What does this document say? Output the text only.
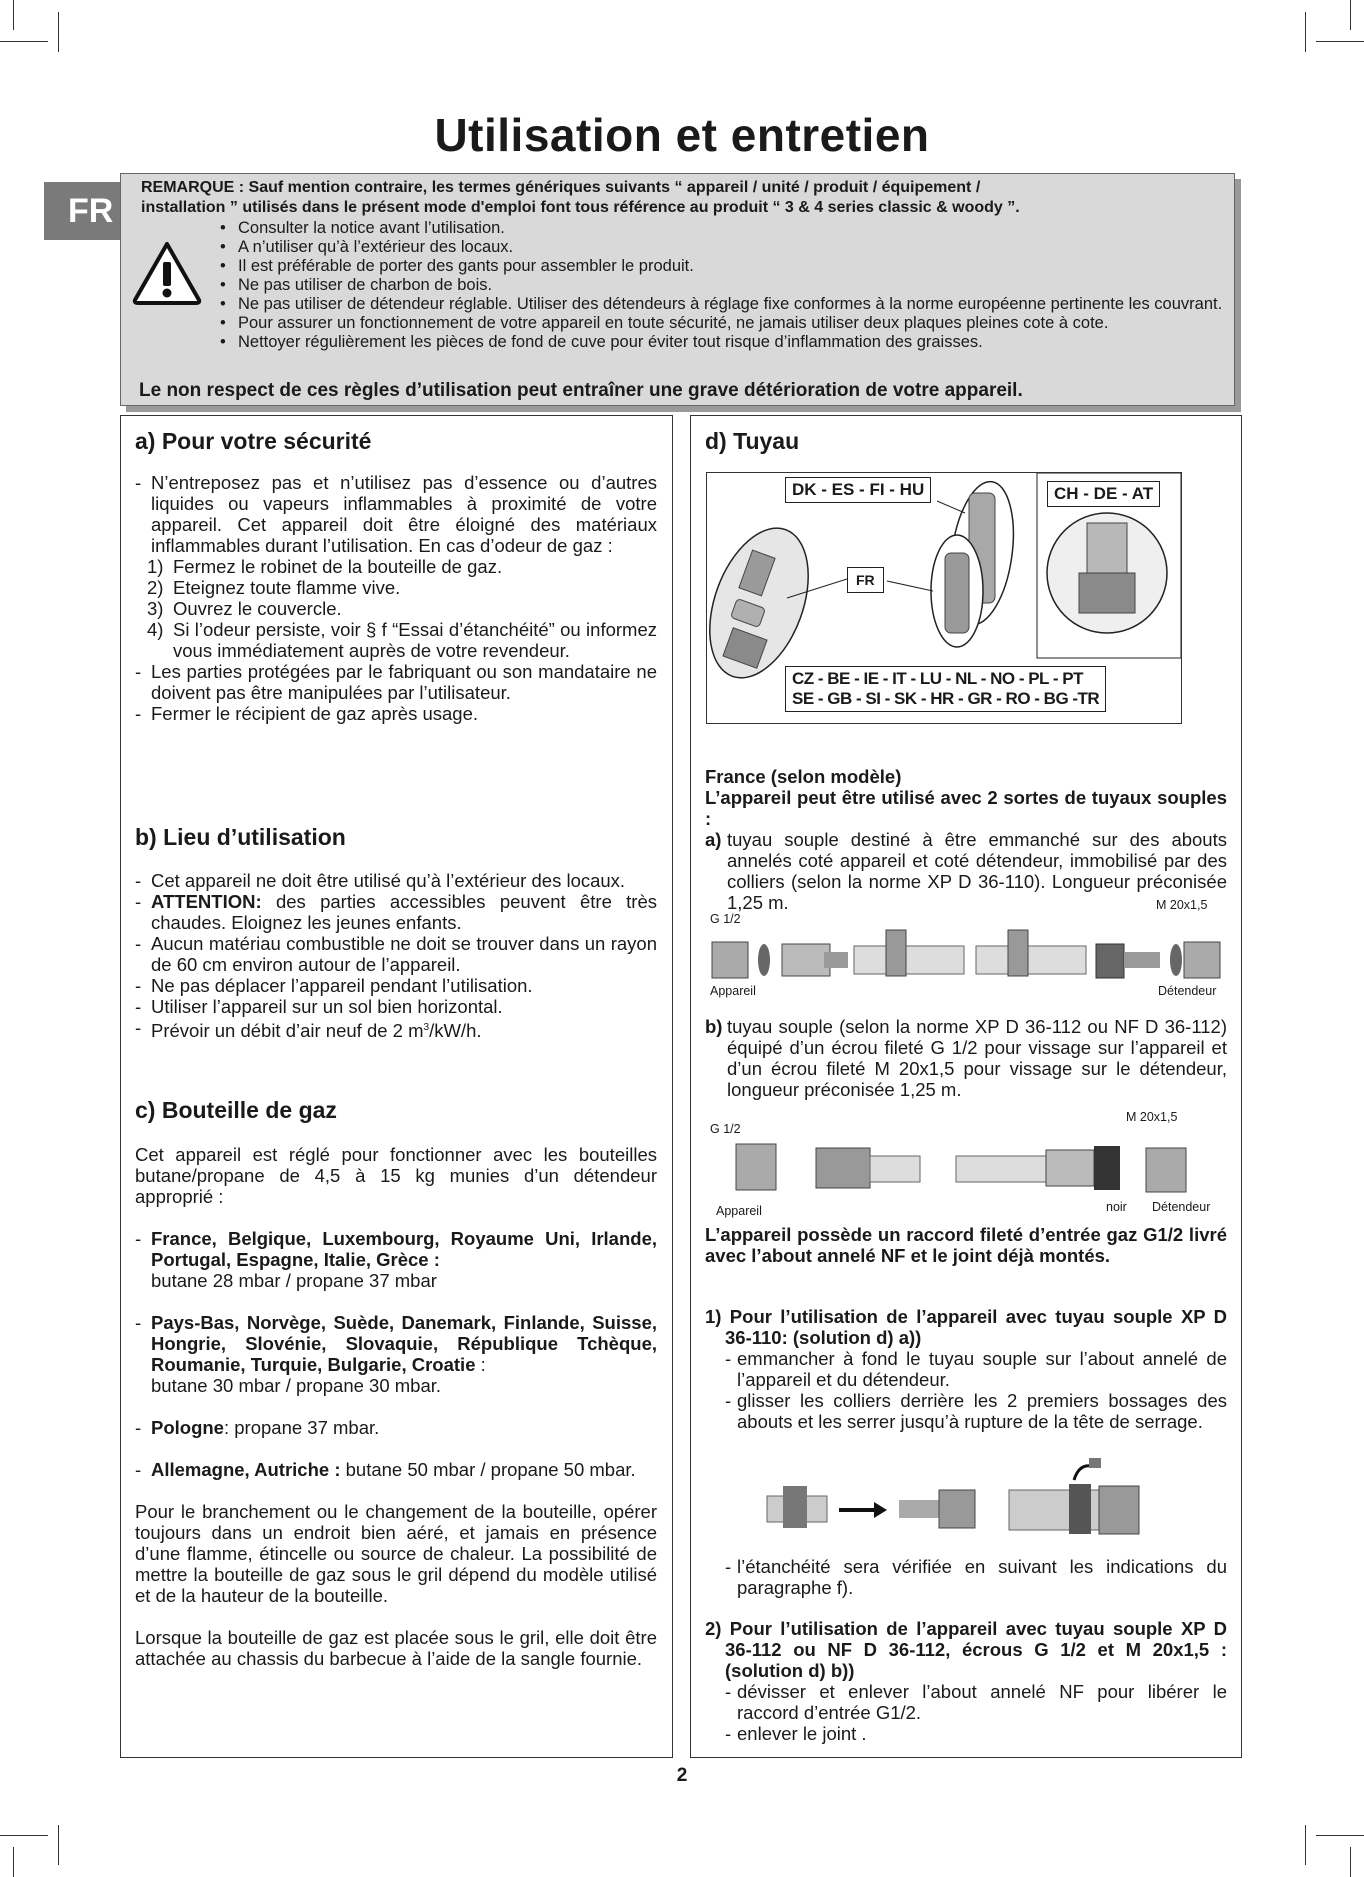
Utilisation et entretien
FR
REMARQUE : Sauf mention contraire, les termes génériques suivants “ appareil / unité / produit / équipement /
installation ” utilisés dans le présent mode d'emploi font tous référence au produit “ 3 & 4 series classic & woody ”.
• Consulter la notice avant l’utilisation.
• A n’utiliser qu’à l’extérieur des locaux.
• Il est préférable de porter des gants pour assembler le produit.
• Ne pas utiliser de charbon de bois.
• Ne pas utiliser de détendeur réglable. Utiliser des détendeurs à réglage fixe conformes à la norme européenne pertinente les couvrant.
• Pour assurer un fonctionnement de votre appareil en toute sécurité, ne jamais utiliser deux plaques pleines cote à cote.
• Nettoyer régulièrement les pièces de fond de cuve pour éviter tout risque d’inflammation des graisses.
Le non respect de ces règles d’utilisation peut entraîner une grave détérioration de votre appareil.
a) Pour votre sécurité
- N’entreposez pas et n’utilisez pas d’essence ou d’autres liquides ou vapeurs inflammables à proximité de votre appareil. Cet appareil doit être éloigné des matériaux inflammables durant l’utilisation. En cas d’odeur de gaz :
1) Fermez le robinet de la bouteille de gaz.
2) Eteignez toute flamme vive.
3) Ouvrez le couvercle.
4) Si l’odeur persiste, voir § f “Essai d’étanchéité” ou informez vous immédiatement auprès de votre revendeur.
- Les parties protégées par le fabriquant ou son mandataire ne doivent pas être manipulées par l’utilisateur.
- Fermer le récipient de gaz après usage.
b) Lieu d’utilisation
- Cet appareil ne doit être utilisé qu’à l’extérieur des locaux.
- ATTENTION: des parties accessibles peuvent être très chaudes. Eloignez les jeunes enfants.
- Aucun matériau combustible ne doit se trouver dans un rayon de 60 cm environ autour de l’appareil.
- Ne pas déplacer l’appareil pendant l’utilisation.
- Utiliser l’appareil sur un sol bien horizontal.
- Prévoir un débit d’air neuf de 2 $m^3/kW/h$.
c) Bouteille de gaz
Cet appareil est réglé pour fonctionner avec les bouteilles butane/propane de 4,5 à 15 kg munies d’un détendeur approprié :
- France, Belgique, Luxembourg, Royaume Uni, Irlande, Portugal, Espagne, Italie, Grèce :
butane 28 mbar / propane 37 mbar
- Pays-Bas, Norvège, Suède, Danemark, Finlande, Suisse, Hongrie, Slovénie, Slovaquie, République Tchèque, Roumanie, Turquie, Bulgarie, Croatie :
butane 30 mbar / propane 30 mbar.
- Pologne: propane 37 mbar.
- Allemagne, Autriche : butane 50 mbar / propane 50 mbar.
Pour le branchement ou le changement de la bouteille, opérer toujours dans un endroit bien aéré, et jamais en présence d’une flamme, étincelle ou source de chaleur. La possibilité de mettre la bouteille de gaz sous le gril dépend du modèle utilisé et de la hauteur de la bouteille.
Lorsque la bouteille de gaz est placée sous le gril, elle doit être attachée au chassis du barbecue à l’aide de la sangle fournie.
d) Tuyau
DK - ES - FI - HU	CH - DE - AT
FR
CZ - BE - IE - IT - LU - NL - NO - PL - PT
SE - GB - SI - SK - HR - GR - RO - BG -TR
France (selon modèle)
L’appareil peut être utilisé avec 2 sortes de tuyaux souples :
a) tuyau souple destiné à être emmanché sur des abouts annelés coté appareil et coté détendeur, immobilisé par des colliers (selon la norme XP D 36-110). Longueur préconisée 1,25 m.
G 1/2
M 20x1,5
Appareil	Détendeur
b) tuyau souple (selon la norme XP D 36-112 ou NF D 36-112) équipé d’un écrou fileté G 1/2 pour vissage sur l’appareil et d’un écrou fileté M 20x1,5 pour vissage sur le détendeur, longueur préconisée 1,25 m.
G 1/2
M 20x1,5
Appareil	noir Détendeur
L’appareil possède un raccord fileté d’entrée gaz G1/2 livré avec l’about annelé NF et le joint déjà montés.
1) Pour l’utilisation de l’appareil avec tuyau souple XP D 36-110: (solution d) a))
- emmancher à fond le tuyau souple sur l’about annelé de l’appareil et du détendeur.
- glisser les colliers derrière les 2 premiers bossages des abouts et les serrer jusqu’à rupture de la tête de serrage.
- l’étanchéité sera vérifiée en suivant les indications du paragraphe f).
2) Pour l’utilisation de l’appareil avec tuyau souple XP D 36-112 ou NF D 36-112, écrous G 1/2 et M 20x1,5 : (solution d) b))
- dévisser et enlever l’about annelé NF pour libérer le raccord d’entrée G1/2.
- enlever le joint .
2
